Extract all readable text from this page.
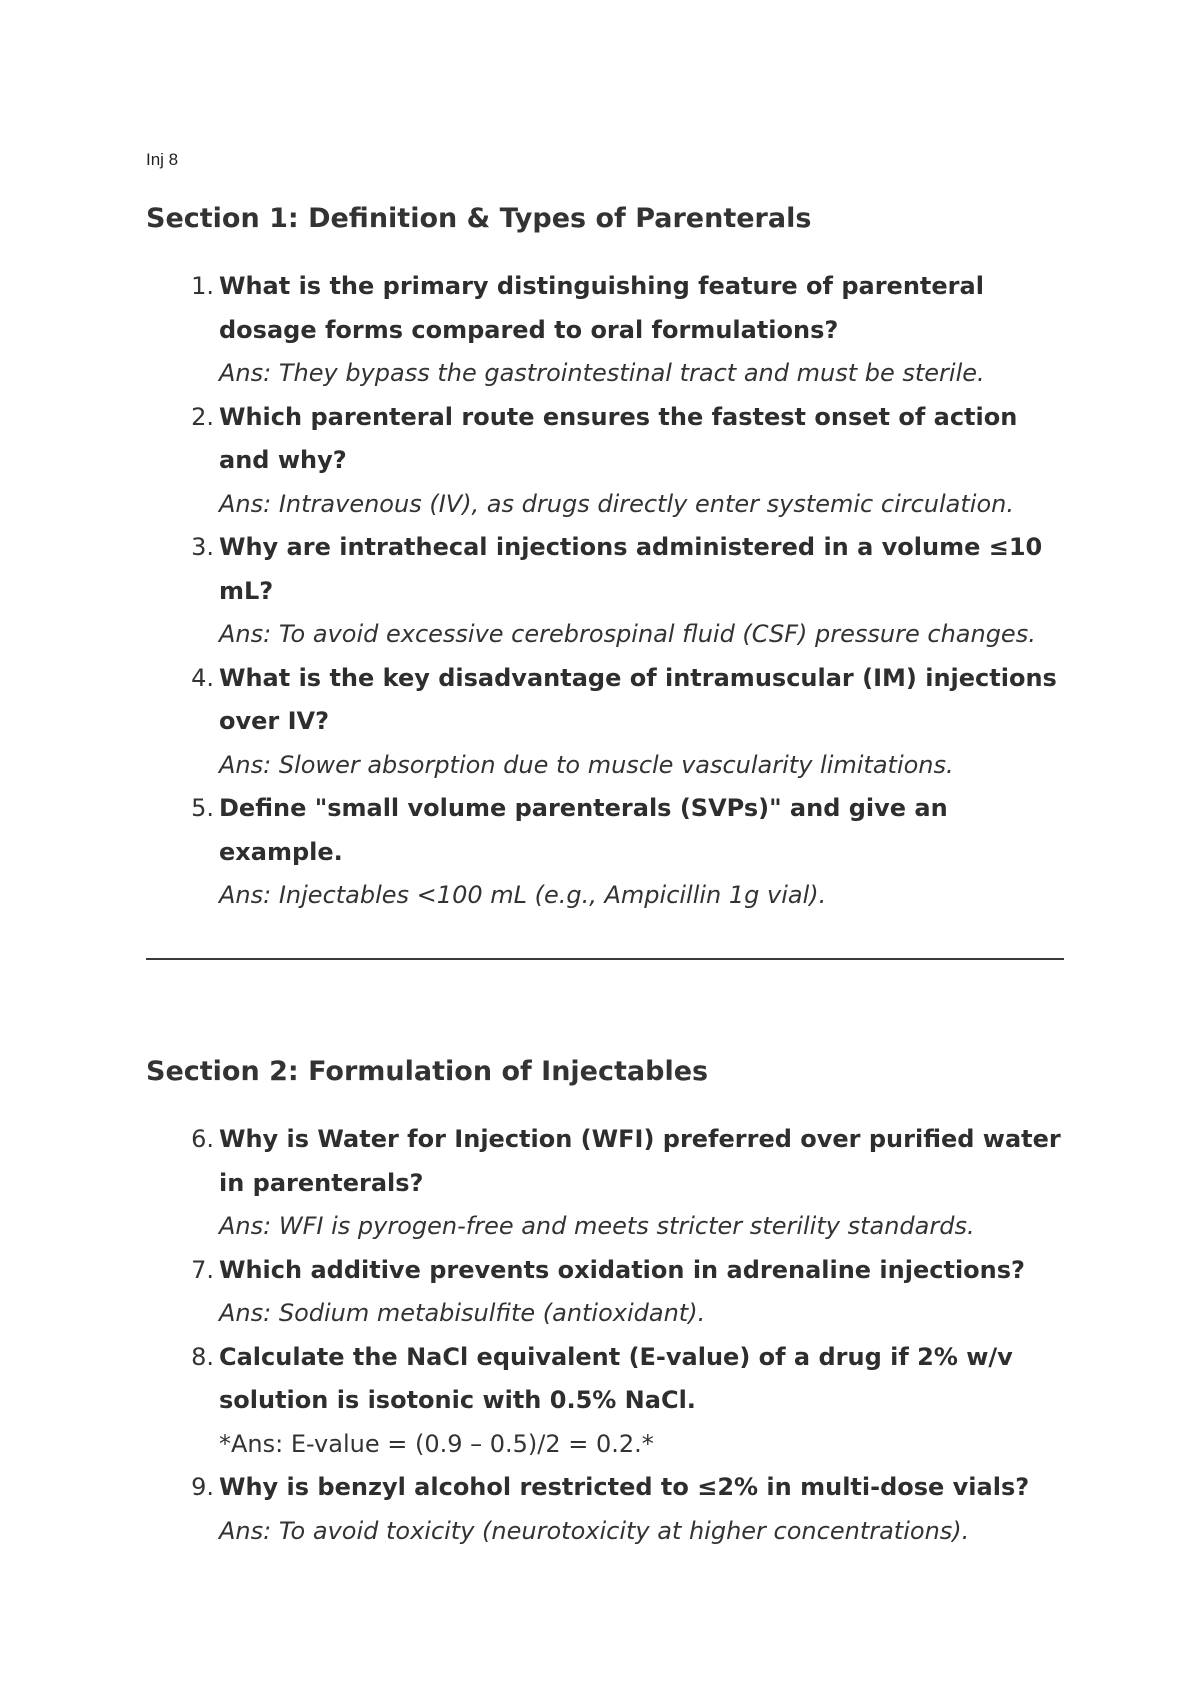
Inj 8
Section 1: Definition & Types of Parenterals
1. What is the primary distinguishing feature of parenteral dosage forms compared to oral formulations?
Ans: They bypass the gastrointestinal tract and must be sterile.
2. Which parenteral route ensures the fastest onset of action and why?
Ans: Intravenous (IV), as drugs directly enter systemic circulation.
3. Why are intrathecal injections administered in a volume ≤10 mL?
Ans: To avoid excessive cerebrospinal fluid (CSF) pressure changes.
4. What is the key disadvantage of intramuscular (IM) injections over IV?
Ans: Slower absorption due to muscle vascularity limitations.
5. Define "small volume parenterals (SVPs)" and give an example.
Ans: Injectables <100 mL (e.g., Ampicillin 1g vial).
Section 2: Formulation of Injectables
6. Why is Water for Injection (WFI) preferred over purified water in parenterals?
Ans: WFI is pyrogen-free and meets stricter sterility standards.
7. Which additive prevents oxidation in adrenaline injections?
Ans: Sodium metabisulfite (antioxidant).
8. Calculate the NaCl equivalent (E-value) of a drug if 2% w/v solution is isotonic with 0.5% NaCl.
*Ans: E-value = (0.9 – 0.5)/2 = 0.2.*
9. Why is benzyl alcohol restricted to ≤2% in multi-dose vials?
Ans: To avoid toxicity (neurotoxicity at higher concentrations).
